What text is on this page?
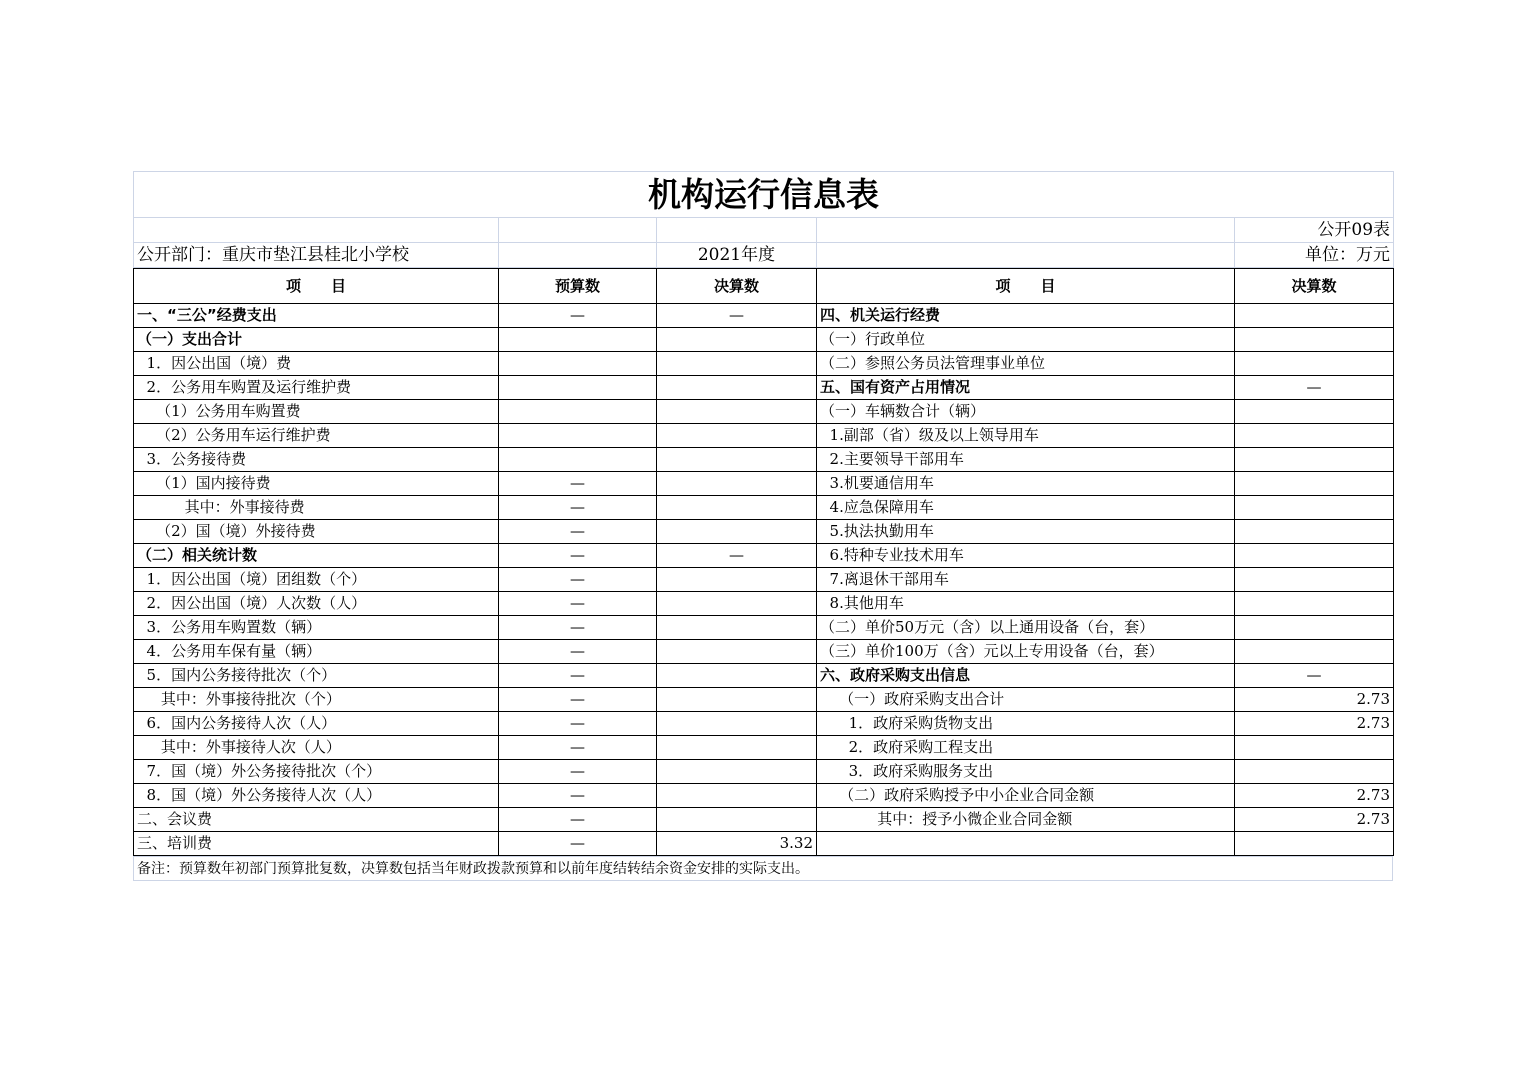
机构运行信息表				
				公开09表
公开部门：重庆市垫江县桂北小学校		2021年度		单位：万元
项　　目	预算数	决算数	项　　目	决算数
一、“三公”经费支出	—	—	四、机关运行经费	
（一）支出合计			（一）行政单位	
1．因公出国（境）费			（二）参照公务员法管理事业单位	
2．公务用车购置及运行维护费			五、国有资产占用情况	—
（1）公务用车购置费			（一）车辆数合计（辆）	
（2）公务用车运行维护费			1.副部（省）级及以上领导用车	
3．公务接待费			2.主要领导干部用车	
（1）国内接待费	—		3.机要通信用车	
其中：外事接待费	—		4.应急保障用车	
（2）国（境）外接待费	—		5.执法执勤用车	
（二）相关统计数	—	—	6.特种专业技术用车	
1．因公出国（境）团组数（个）	—		7.离退休干部用车	
2．因公出国（境）人次数（人）	—		8.其他用车	
3．公务用车购置数（辆）	—		（二）单价50万元（含）以上通用设备（台，套）	
4．公务用车保有量（辆）	—		（三）单价100万（含）元以上专用设备（台，套）	
5．国内公务接待批次（个）	—		六、政府采购支出信息	—
其中：外事接待批次（个）	—		（一）政府采购支出合计	2.73
6．国内公务接待人次（人）	—		1．政府采购货物支出	2.73
其中：外事接待人次（人）	—		2．政府采购工程支出	
7．国（境）外公务接待批次（个）	—		3．政府采购服务支出	
8．国（境）外公务接待人次（人）	—		（二）政府采购授予中小企业合同金额	2.73
二、会议费	—		其中：授予小微企业合同金额	2.73
三、培训费	—	3.32		
备注：预算数年初部门预算批复数，决算数包括当年财政拨款预算和以前年度结转结余资金安排的实际支出。
